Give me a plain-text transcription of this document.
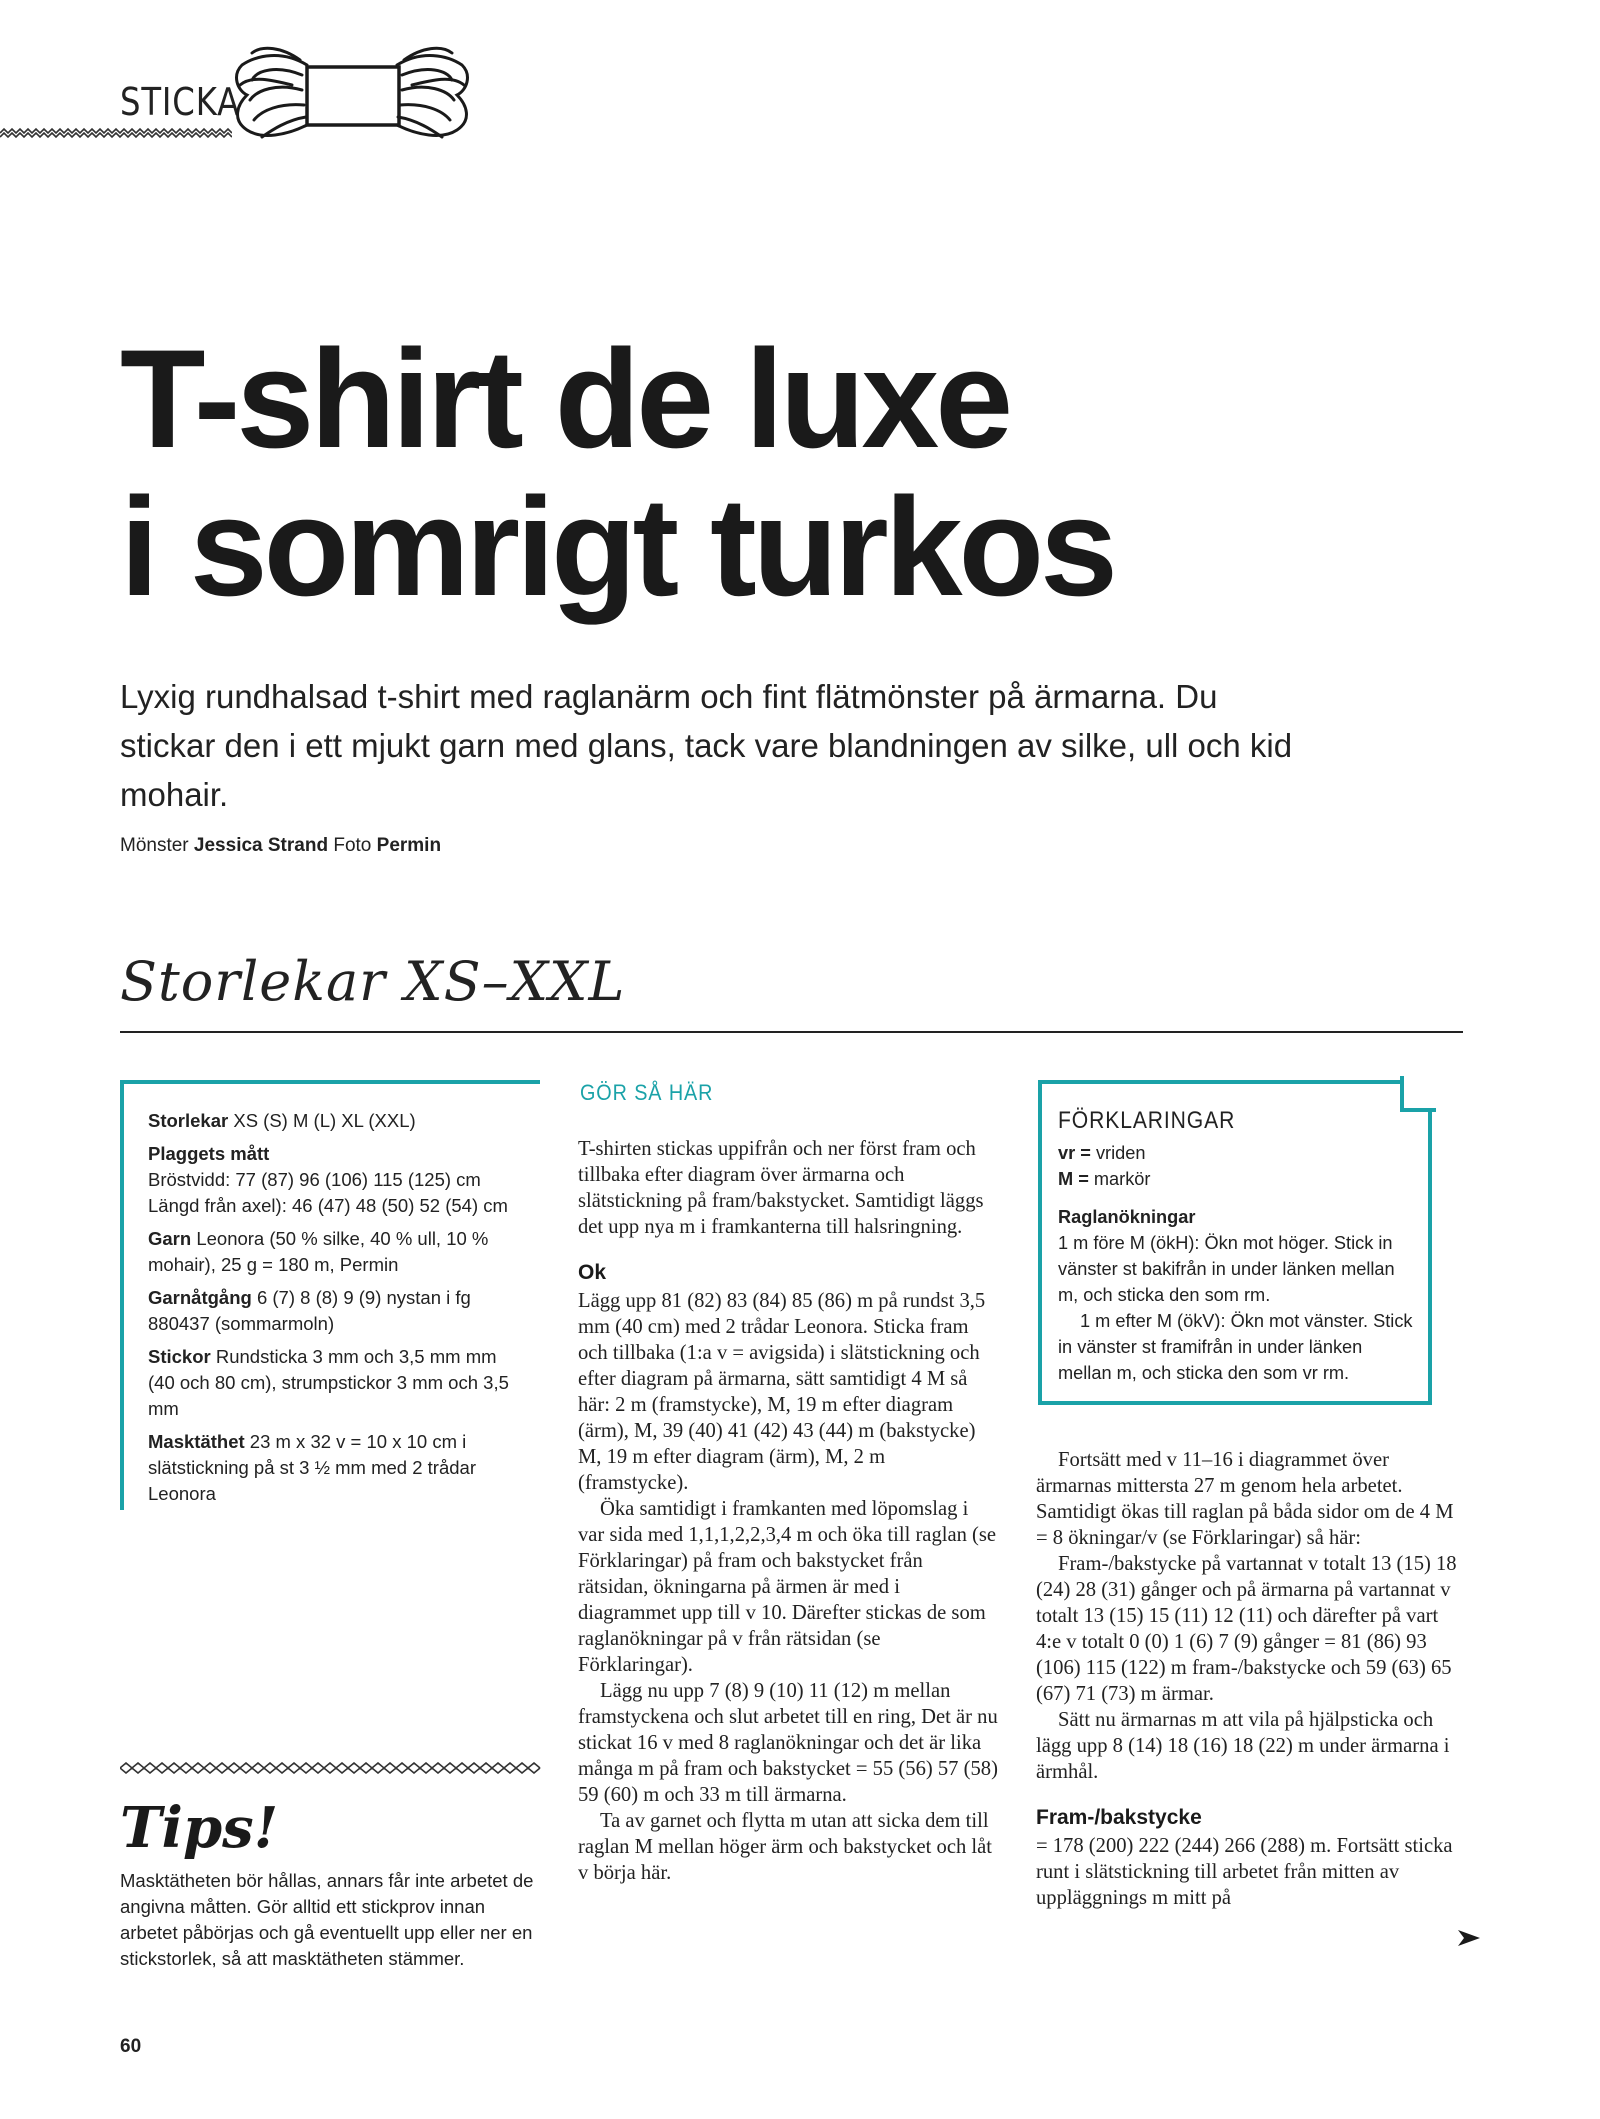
STICKA
T-shirt de luxe
i somrigt turkos
Lyxig rundhalsad t-shirt med raglanärm och fint flätmönster på ärmarna. Du stickar den i ett mjukt garn med glans, tack vare blandningen av silke, ull och kid mohair.
Mönster Jessica Strand Foto Permin
Storlekar XS–XXL

Storlekar XS (S) M (L) XL (XXL)

Plaggets mått
Bröstvidd: 77 (87) 96 (106) 115 (125) cm
Längd från axel): 46 (47) 48 (50) 52 (54) cm

Garn Leonora (50 % silke, 40 % ull, 10 % mohair), 25 g = 180 m, Permin

Garnåtgång 6 (7) 8 (8) 9 (9) nystan i fg 880437 (sommarmoln)

Stickor Rundsticka 3 mm och 3,5 mm mm (40 och 80 cm), strumpstickor 3 mm och 3,5 mm

Masktäthet 23 m x 32 v = 10 x 10 cm i slätstickning på st 3 ½ mm med 2 trådar Leonora

Tips!
Masktätheten bör hållas, annars får inte arbetet de angivna måtten. Gör alltid ett stickprov innan arbetet påbörjas och gå eventuellt upp eller ner en stickstorlek, så att masktätheten stämmer.
GÖR SÅ HÄR

T-shirten stickas uppifrån och ner först fram och tillbaka efter diagram över ärmarna och slätstickning på fram/bakstycket. Samtidigt läggs det upp nya m i framkanterna till halsringning.

Ok

Lägg upp 81 (82) 83 (84) 85 (86) m på rundst 3,5 mm (40 cm) med 2 trådar Leonora. Sticka fram och tillbaka (1:a v = avigsida) i slätstickning och efter diagram på ärmarna, sätt samtidigt 4 M så här: 2 m (framstycke), M, 19 m efter diagram (ärm), M, 39 (40) 41 (42) 43 (44) m (bakstycke) M, 19 m efter diagram (ärm), M, 2 m (framstycke).

Öka samtidigt i framkanten med löpomslag i var sida med 1,1,1,2,2,3,4 m och öka till raglan (se Förklaringar) på fram och bakstycket från rätsidan, ökningarna på ärmen är med i diagrammet upp till v 10. Därefter stickas de som raglanökningar på v från rätsidan (se Förklaringar).

Lägg nu upp 7 (8) 9 (10) 11 (12) m mellan framstyckena och slut arbetet till en ring, Det är nu stickat 16 v med 8 raglanökningar och det är lika många m på fram och bakstycket = 55 (56) 57 (58) 59 (60) m och 33 m till ärmarna.

Ta av garnet och flytta m utan att sicka dem till raglan M mellan höger ärm och bakstycket och låt v börja här.

FÖRKLARINGAR

vr = vriden

M = markör

Raglanökningar

1 m före M (ökH): Ökn mot höger. Stick in vänster st bakifrån in under länken mellan m, och sticka den som rm.

1 m efter M (ökV): Ökn mot vänster. Stick in vänster st framifrån in under länken mellan m, och sticka den som vr rm.

Fortsätt med v 11–16 i diagrammet över ärmarnas mittersta 27 m genom hela arbetet. Samtidigt ökas till raglan på båda sidor om de 4 M = 8 ökningar/v (se Förklaringar) så här:

Fram-/bakstycke på vartannat v totalt 13 (15) 18 (24) 28 (31) gånger och på ärmarna på vartannat v totalt 13 (15) 15 (11) 12 (11) och därefter på vart 4:e v totalt 0 (0) 1 (6) 7 (9) gånger = 81 (86) 93 (106) 115 (122) m fram-/bakstycke och 59 (63) 65 (67) 71 (73) m ärmar.

Sätt nu ärmarnas m att vila på hjälpsticka och lägg upp 8 (14) 18 (16) 18 (22) m under ärmarna i ärmhål.

Fram-/bakstycke

= 178 (200) 222 (244) 266 (288) m. Fortsätt sticka runt i slätstickning till arbetet från mitten av uppläggnings m mitt på

60
